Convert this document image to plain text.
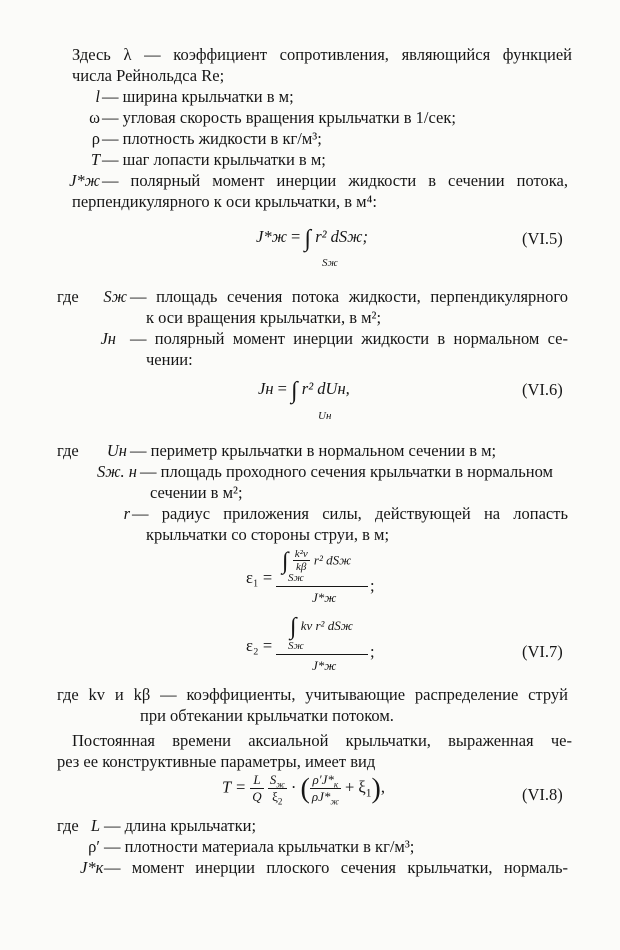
Здесь λ — коэффициент сопротивления, являющийся функцией
числа Рейнольдса Re;
l — ширина крыльчатки в м;
ω — угловая скорость вращения крыльчатки в 1/сек;
ρ — плотность жидкости в кг/м³;
T — шаг лопасти крыльчатки в м;
J*ж — полярный момент инерции жидкости в сечении потока,
перпендикулярного к оси крыльчатки, в м⁴:
J*ж = ∫ r² dSж;
Sж
(VI.5)
где	Sж — площадь сечения потока жидкости, перпендикулярного
к оси вращения крыльчатки, в м²;
Jн — полярный момент инерции жидкости в нормальном се-
чении:
Jн = ∫ r² dUн,
Uн
(VI.6)
где	Uн — периметр крыльчатки в нормальном сечении в м;
Sж. н — площадь проходного сечения крыльчатки в нормальном
сечении в м²;
r — радиус приложения силы, действующей на лопасть
крыльчатки со стороны струи, в м;
ε₁ =
∫ $\frac{\text{k²v}}{k\beta} r^2$ dSж
Sж
J*ж
;
ε₂ =
∫ kv r² dSж
Sж
J*ж
;	(VI.7)
где kv и kβ — коэффициенты, учитывающие распределение струй
при обтекании крыльчатки потоком.
Постоянная времени аксиальной крыльчатки, выраженная че-
рез ее конструктивные параметры, имеет вид
$T = \frac{L}{Q}$
$\frac{S_ж}{\xi_2}$ · ( $\frac{\rho'J*_к}{\rho J*_ж} + \xi_1$),	(VI.8)
где L — длина крыльчатки;
ρ′ — плотности материала крыльчатки в кг/м³;
J*к — момент инерции плоского сечения крыльчатки, нормаль-
